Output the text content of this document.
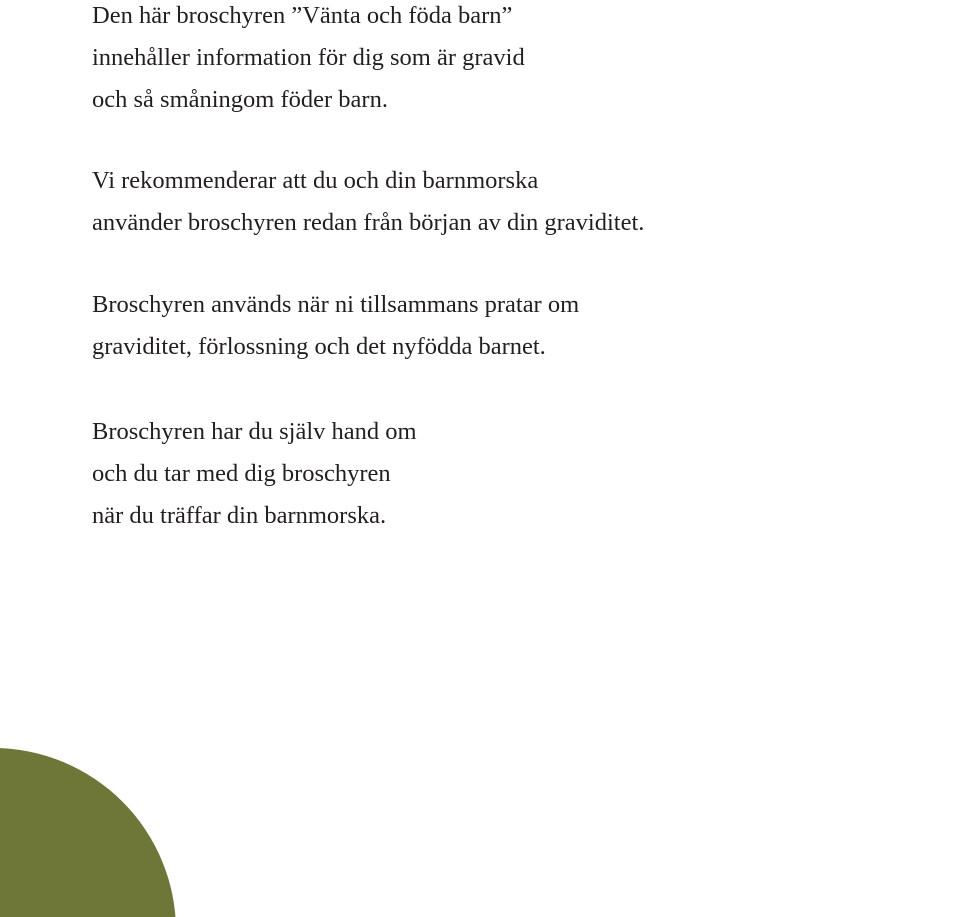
Den här broschyren ”Vänta och föda barn”
innehåller information för dig som är gravid
och så småningom föder barn.
Vi rekommenderar att du och din barnmorska
använder broschyren redan från början av din graviditet.
Broschyren används när ni tillsammans pratar om
graviditet, förlossning och det nyfödda barnet.
Broschyren har du själv hand om
och du tar med dig broschyren
när du träffar din barnmorska.
